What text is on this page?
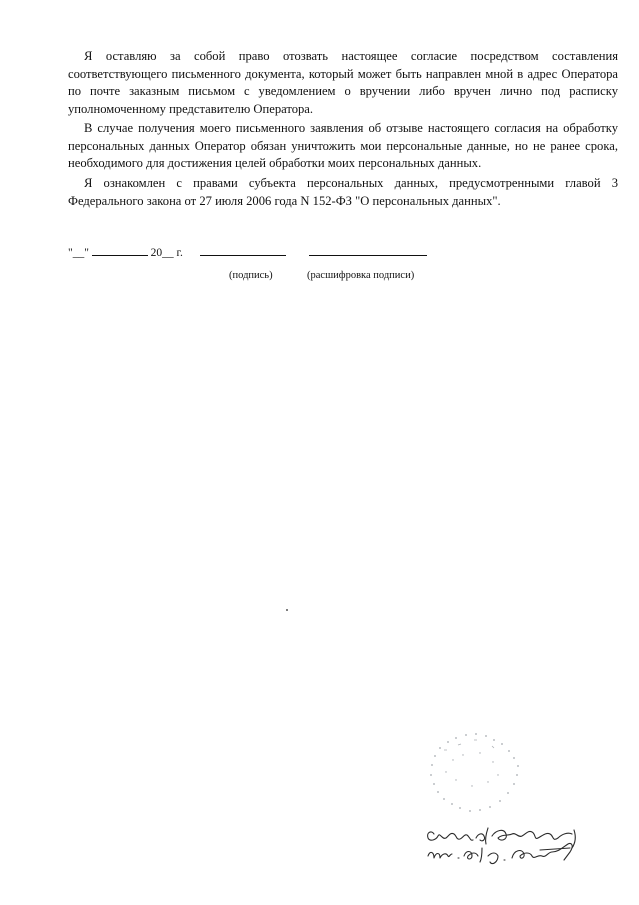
Я оставляю за собой право отозвать настоящее согласие посредством составления соответствующего письменного документа, который может быть направлен мной в адрес Оператора по почте заказным письмом с уведомлением о вручении либо вручен лично под расписку уполномоченному представителю Оператора.

В случае получения моего письменного заявления об отзыве настоящего согласия на обработку персональных данных Оператор обязан уничтожить мои персональные данные, но не ранее срока, необходимого для достижения целей обработки моих персональных данных.

Я ознакомлен с правами субъекта персональных данных, предусмотренными главой 3 Федерального закона от 27 июля 2006 года N 152-ФЗ "О персональных данных".

"__"	20__ г.
(подпись)	(расшифровка подписи)
